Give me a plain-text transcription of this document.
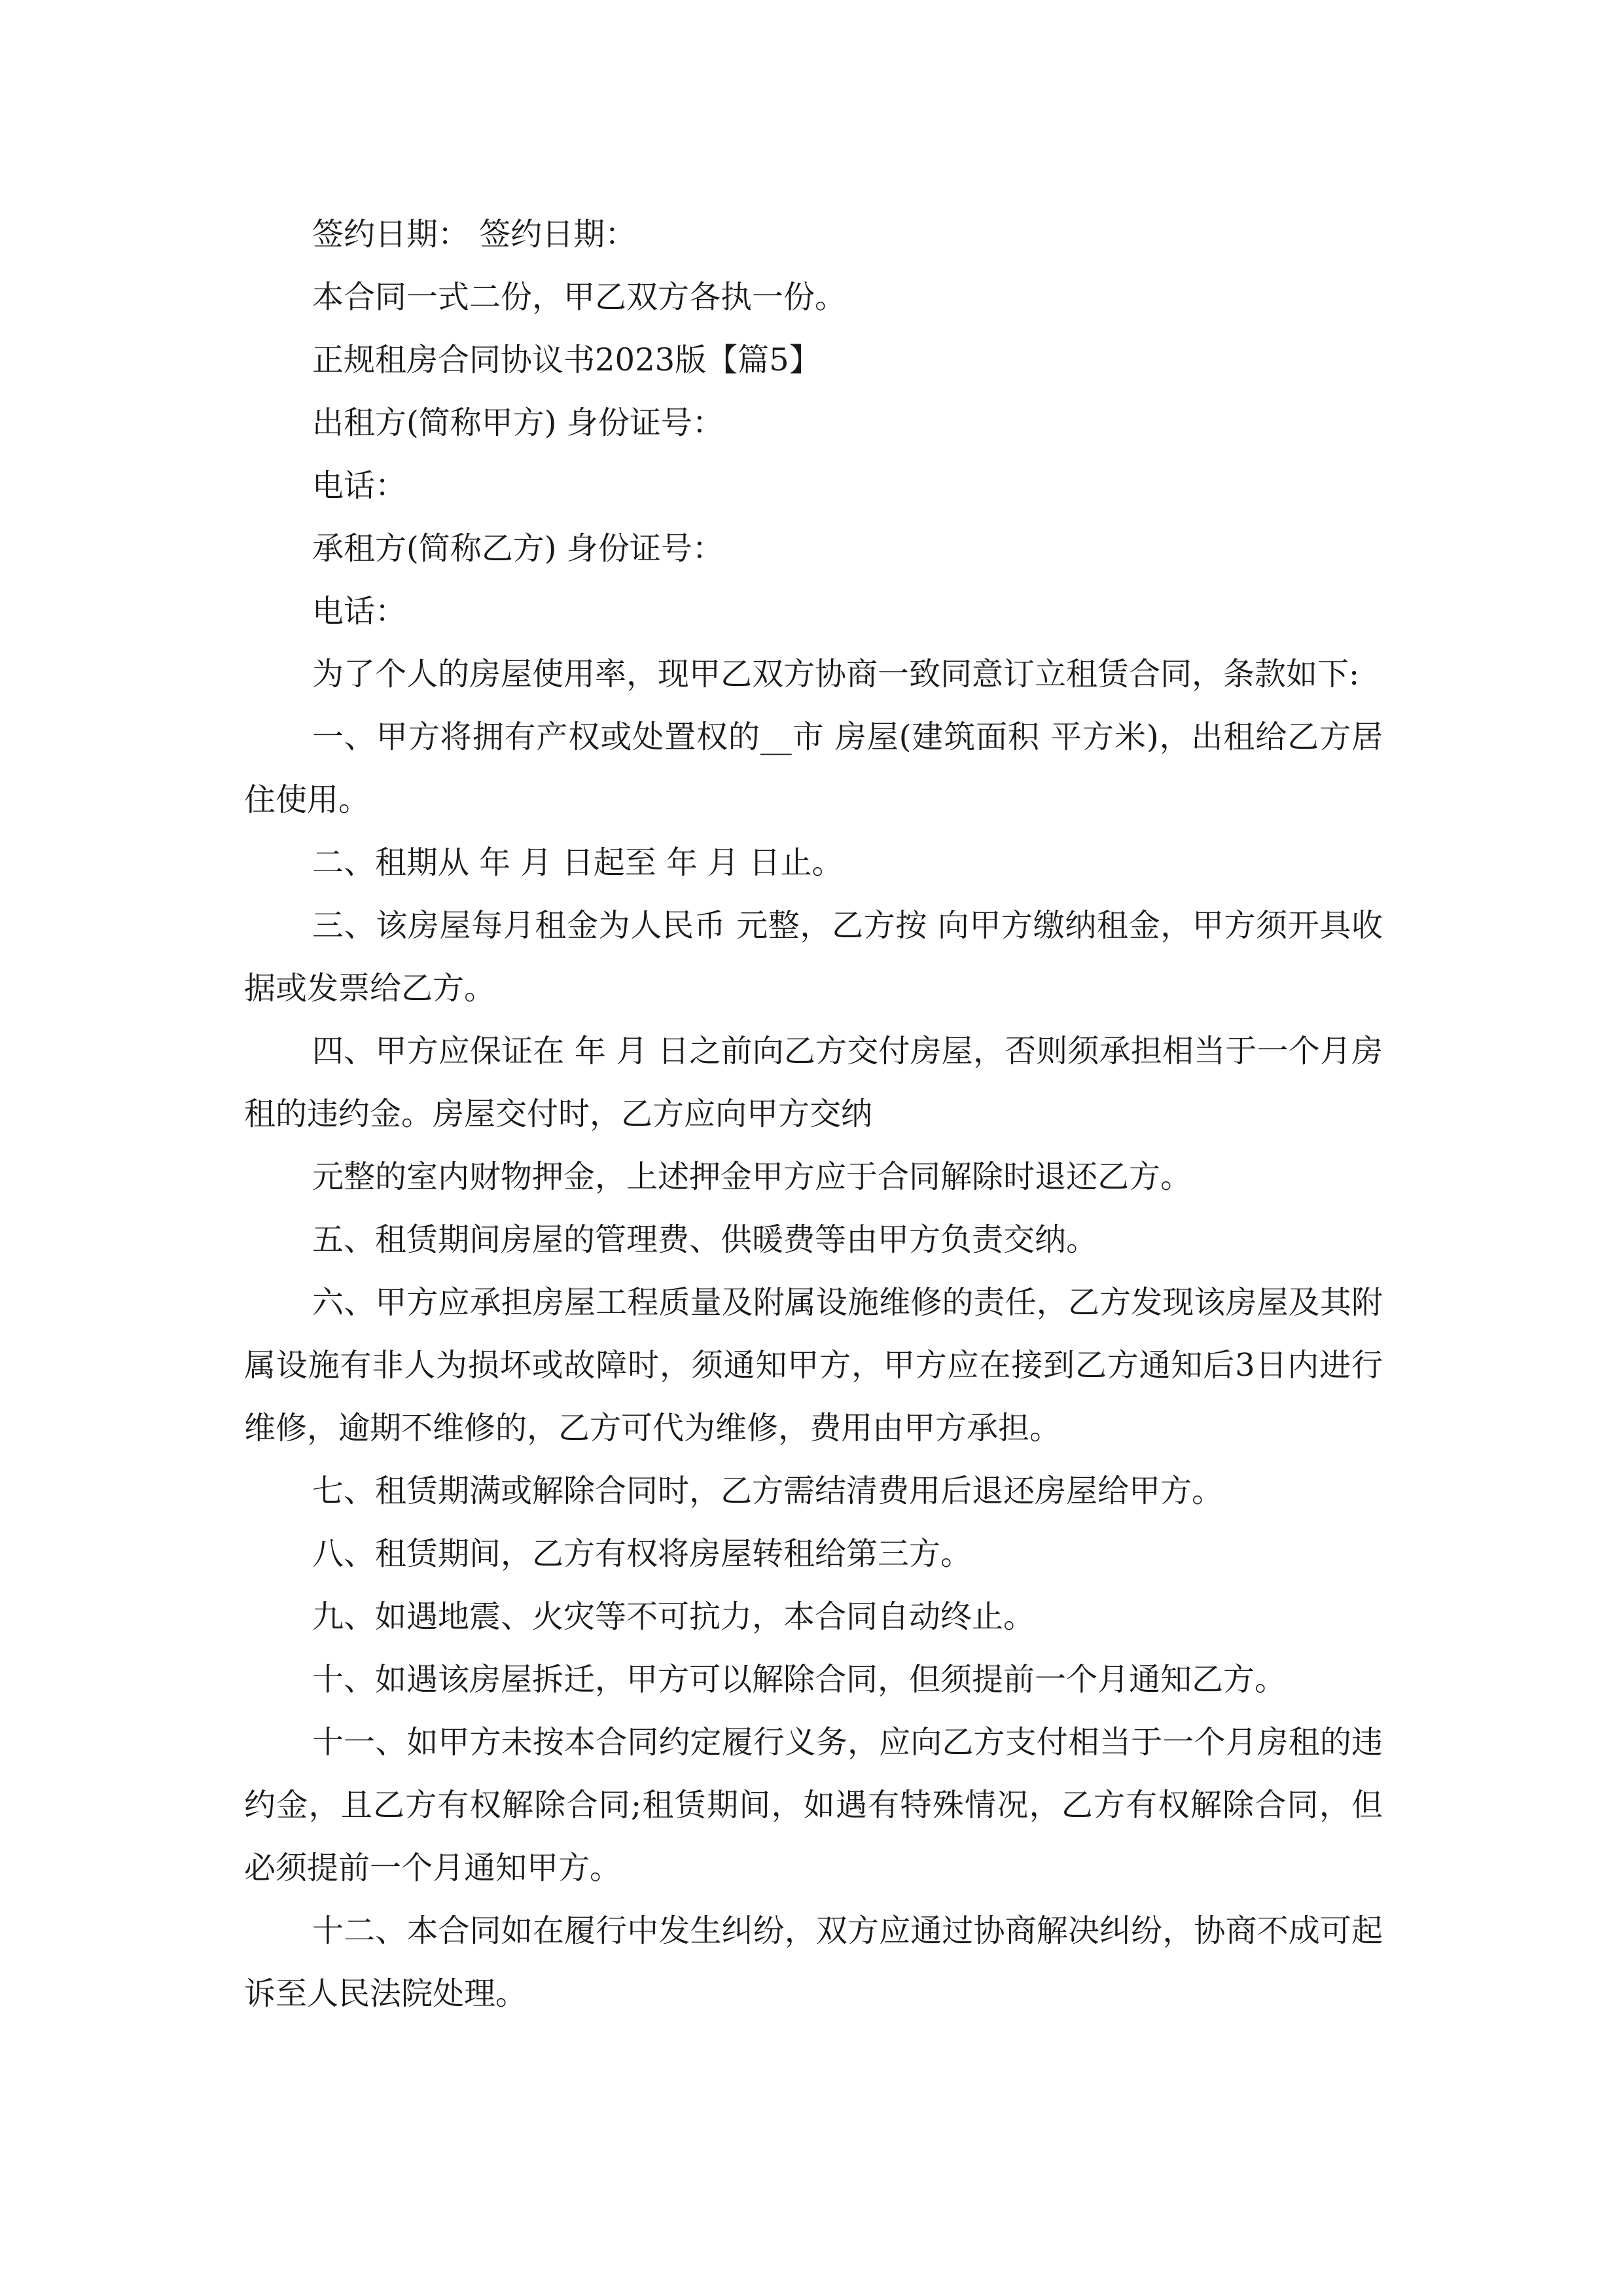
签约日期： 签约日期：

本合同一式二份，甲乙双方各执一份。

正规租房合同协议书2023版【篇5】

出租方(简称甲方) 身份证号：

电话：

承租方(简称乙方) 身份证号：

电话：

为了个人的房屋使用率，现甲乙双方协商一致同意订立租赁合同，条款如下:

一、甲方将拥有产权或处置权的__市 房屋(建筑面积 平方米)，出租给乙方居住使用。

二、租期从 年 月 日起至 年 月 日止。

三、该房屋每月租金为人民币 元整，乙方按 向甲方缴纳租金，甲方须开具收据或发票给乙方。

四、甲方应保证在 年 月 日之前向乙方交付房屋，否则须承担相当于一个月房租的违约金。房屋交付时，乙方应向甲方交纳

元整的室内财物押金，上述押金甲方应于合同解除时退还乙方。

五、租赁期间房屋的管理费、供暖费等由甲方负责交纳。

六、甲方应承担房屋工程质量及附属设施维修的责任，乙方发现该房屋及其附属设施有非人为损坏或故障时，须通知甲方，甲方应在接到乙方通知后3日内进行维修，逾期不维修的，乙方可代为维修，费用由甲方承担。

七、租赁期满或解除合同时，乙方需结清费用后退还房屋给甲方。

八、租赁期间，乙方有权将房屋转租给第三方。

九、如遇地震、火灾等不可抗力，本合同自动终止。

十、如遇该房屋拆迁，甲方可以解除合同，但须提前一个月通知乙方。

十一、如甲方未按本合同约定履行义务，应向乙方支付相当于一个月房租的违约金，且乙方有权解除合同;租赁期间，如遇有特殊情况，乙方有权解除合同，但必须提前一个月通知甲方。

十二、本合同如在履行中发生纠纷，双方应通过协商解决纠纷，协商不成可起诉至人民法院处理。
